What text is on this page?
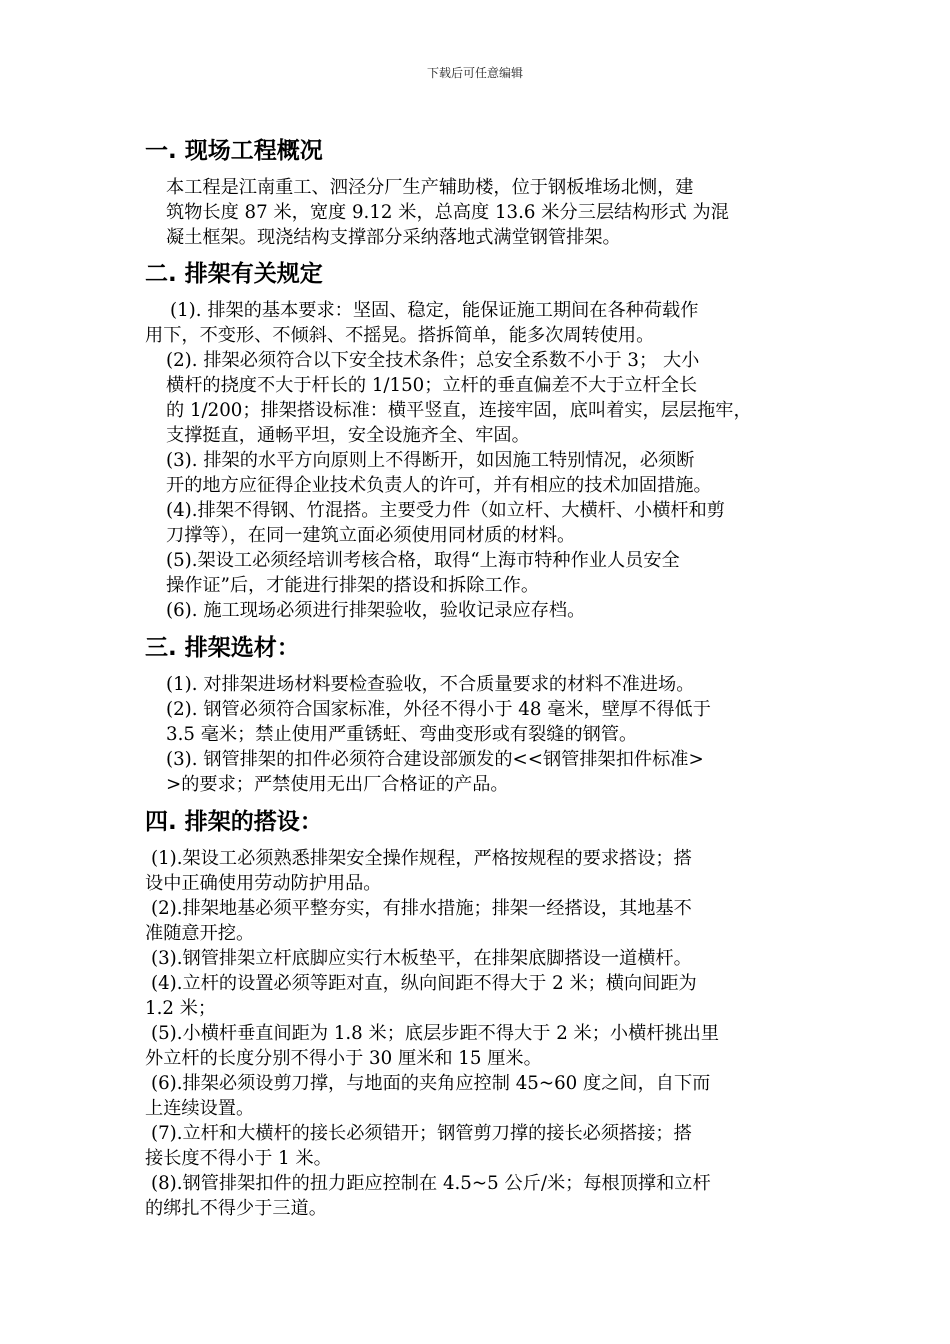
下载后可任意编辑
一. 现场工程概况
本工程是江南重工、泗泾分厂生产辅助楼，位于钢板堆场北恻，建
筑物长度 87 米，宽度 9.12 米，总高度 13.6 米分三层结构形式 为混
凝土框架。现浇结构支撑部分采纳落地式满堂钢管排架。
二. 排架有关规定
(1). 排架的基本要求：坚固、稳定，能保证施工期间在各种荷载作
用下，不变形、不倾斜、不摇晃。搭拆简单，能多次周转使用。
(2). 排架必须符合以下安全技术条件；总安全系数不小于 3； 大小
横杆的挠度不大于杆长的 1/150；立杆的垂直偏差不大于立杆全长
的 1/200；排架搭设标准：横平竖直，连接牢固，底叫着实，层层拖牢，
支撑挺直，通畅平坦，安全设施齐全、牢固。
(3). 排架的水平方向原则上不得断开，如因施工特别情况，必须断
开的地方应征得企业技术负责人的许可，并有相应的技术加固措施。
(4).排架不得钢、竹混搭。主要受力件（如立杆、大横杆、小横杆和剪
刀撑等），在同一建筑立面必须使用同材质的材料。
(5).架设工必须经培训考核合格，取得“上海市特种作业人员安全
操作证”后，才能进行排架的搭设和拆除工作。
(6). 施工现场必须进行排架验收，验收记录应存档。
三. 排架选材：
(1). 对排架进场材料要检查验收，不合质量要求的材料不准进场。
(2). 钢管必须符合国家标准，外径不得小于 48 毫米，壁厚不得低于
3.5 毫米；禁止使用严重锈蚟、弯曲变形或有裂缝的钢管。
(3). 钢管排架的扣件必须符合建设部颁发的<<钢管排架扣件标准>
>的要求；严禁使用无出厂合格证的产品。
四. 排架的搭设：
(1).架设工必须熟悉排架安全操作规程，严格按规程的要求搭设；搭
设中正确使用劳动防护用品。
(2).排架地基必须平整夯实，有排水措施；排架一经搭设，其地基不
准随意开挖。
(3).钢管排架立杆底脚应实行木板垫平，在排架底脚搭设一道横杆。
(4).立杆的设置必须等距对直，纵向间距不得大于 2 米；横向间距为
1.2 米；
(5).小横杆垂直间距为 1.8 米；底层步距不得大于 2 米；小横杆挑出里
外立杆的长度分别不得小于 30 厘米和 15 厘米。
(6).排架必须设剪刀撑，与地面的夹角应控制 45~60 度之间，自下而
上连续设置。
(7).立杆和大横杆的接长必须错开；钢管剪刀撑的接长必须搭接；搭
接长度不得小于 1 米。
(8).钢管排架扣件的扭力距应控制在 4.5~5 公斤/米；每根顶撑和立杆
的绑扎不得少于三道。
